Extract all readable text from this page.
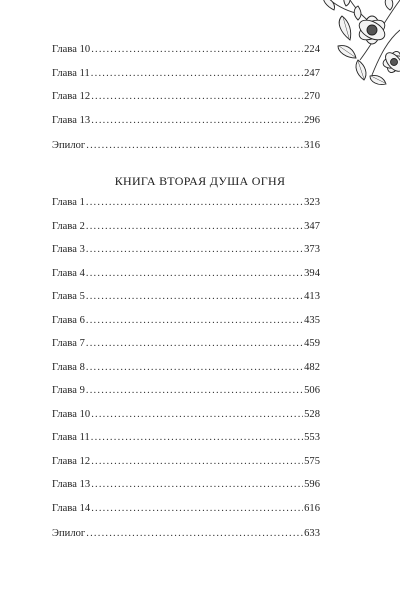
Глава 10 .....	224
Глава 11 .....	247
Глава 12 .....	270
Глава 13 .....	296
Эпилог .....	316
КНИГА ВТОРАЯ ДУША ОГНЯ
Глава 1 .....	323
Глава 2 .....	347
Глава 3 .....	373
Глава 4 .....	394
Глава 5 .....	413
Глава 6 .....	435
Глава 7 .....	459
Глава 8 .....	482
Глава 9 .....	506
Глава 10 .....	528
Глава 11 .....	553
Глава 12 .....	575
Глава 13 .....	596
Глава 14 .....	616
Эпилог .....	633
